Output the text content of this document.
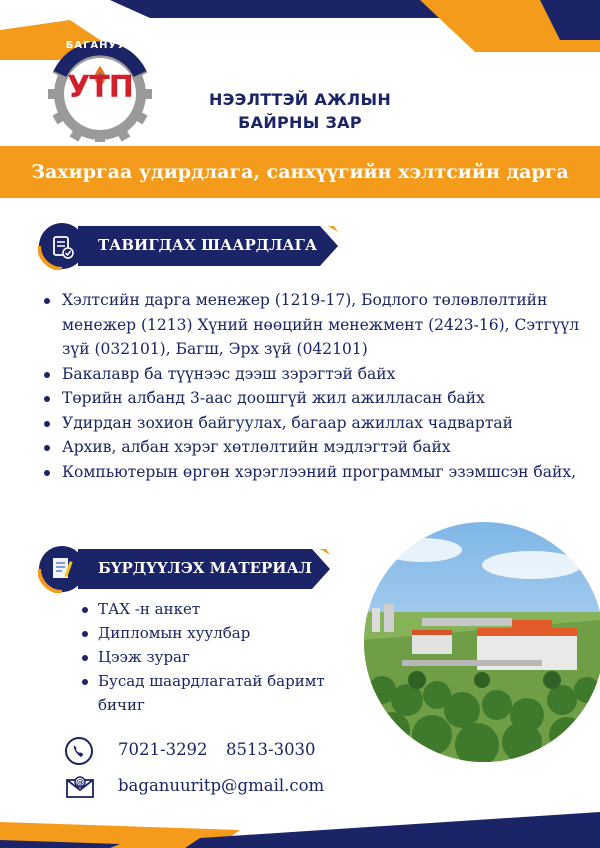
БАГАНУУР
УТП	НЭЭЛТТЭЙ АЖЛЫН
БАЙРНЫ ЗАР
Захиргаа удирдлага, санхүүгийн хэлтсийн дарга
ТАВИГДАХ ШААРДЛАГА
Хэлтсийн дарга менежер (1219-17), Бодлого төлөвлөлтийн менежер (1213) Хүний нөөцийн менежмент (2423-16), Сэтгүүл зүй (032101), Багш, Эрх зүй (042101)
Бакалавр ба түүнээс дээш зэрэгтэй байх
Төрийн албанд 3-аас доошгүй жил ажилласан байх
Удирдан зохион байгуулах, багаар ажиллах чадвартай
Архив, албан хэрэг хөтлөлтийн мэдлэгтэй байх
Компьютерын өргөн хэрэглээний программыг эзэмшсэн байх,
БҮРДҮҮЛЭХ МАТЕРИАЛ
ТАХ -н анкет
Дипломын хуулбар
Цээж зураг
Бусад шаардлагатай баримт бичиг
7021-3292 8513-3030
@ baganuuritp@gmail.com
